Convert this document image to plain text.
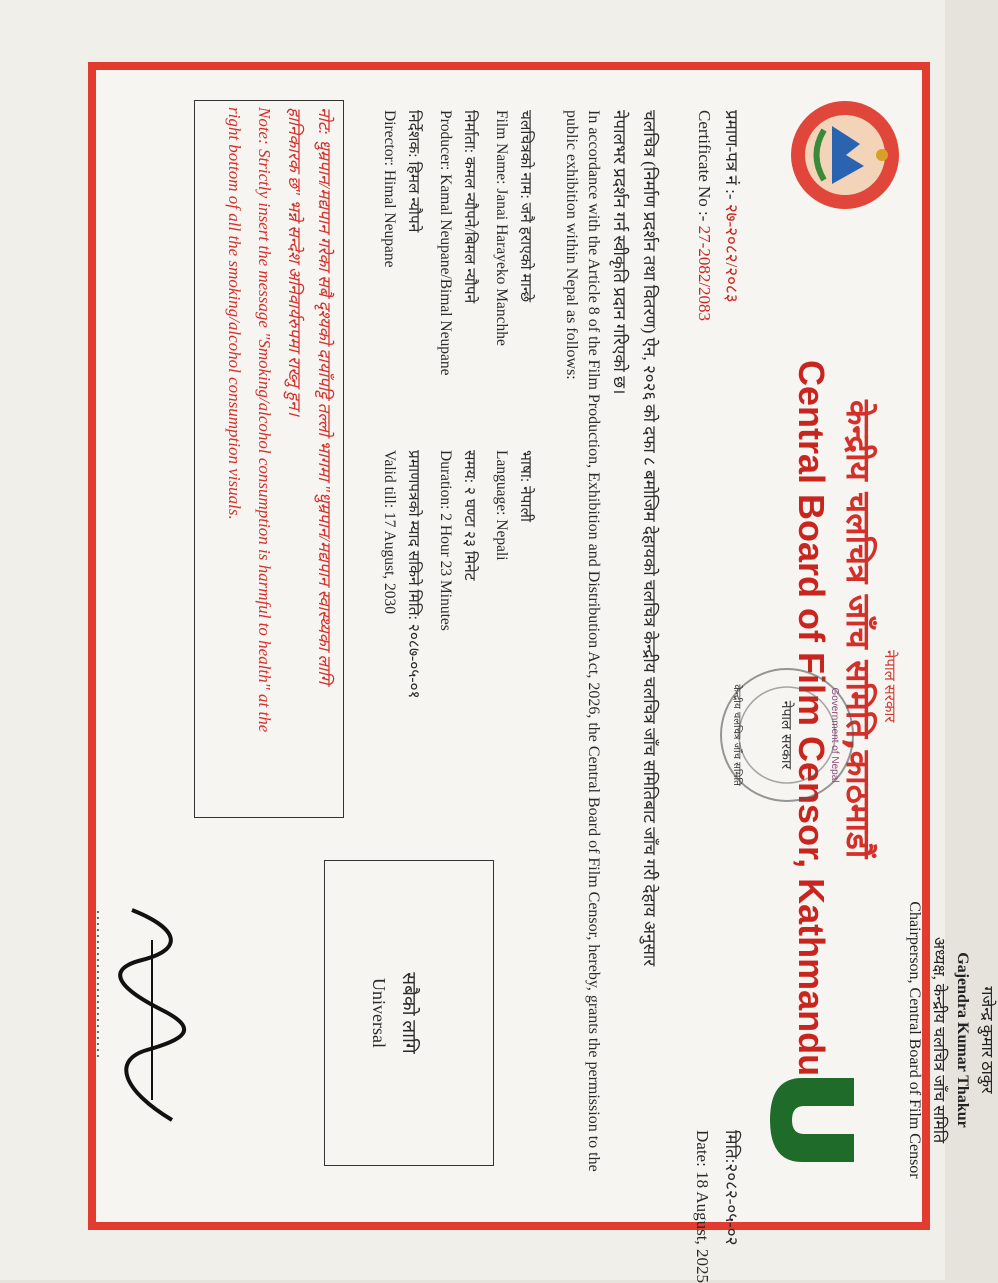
नेपाल सरकार
केन्द्रीय चलचित्र जाँच समिति,काठमाडौं
Central Board of Film Censor, Kathmandu
Government of Nepal
नेपाल सरकार
केन्द्रीय चलचित्र जाँच समिति
प्रमाण-पत्र नं :- २७-२०८२/२०८३
Certificate No :- 27-2082/2083
मिति:२०८२-०५-०२
Date: 18 August, 2025
चलचित्र (निर्माण प्रदर्शन तथा वितरण) ऐन, २०२६ को दफा ८ बमोजिम देहायको चलचित्र केन्द्रीय चलचित्र जाँच समितिबाट जाँच गरी देहाय अनुसार
नेपालभर प्रदर्शन गर्न स्वीकृति प्रदान गरिएको छ।
In accordance with the Article 8 of the Film Production, Exhibition and Distribution Act, 2026, the Central Board of Film Censor, hereby, grants the permission to the public exhibition within Nepal as follows:
चलचित्रको नाम: जनै हराएको मान्छे
Film Name: Janai Harayeko Manchhe
निर्माता: कमल न्यौपने/बिमल न्यौपने
Producer: Kamal Neupane/Bimal Neupane
निर्देशक: हिमल न्यौपने
Director: Himal Neupane
भाषा: नेपाली
Language: Nepali
समय: २ घण्टा २३ मिनेट
Duration: 2 Hour 23 Minutes
प्रमाणपत्रको म्याद सकिने मिति: २०८७-०५-०१
Valid till: 17 August, 2030
सबैको लागि
Universal
नोट: धुम्रपान/मद्यपान गरेका सबै दृश्यको दायाँपट्टि तल्लो भागमा "धुम्रपान/मद्यपान स्वास्थ्यका लागि
हानिकारक छ" भन्ने सन्देश अनिवार्यरुपमा राख्नु हुन।
Note: Strictly insert the message "Smoking/alcohol consumption is harmful to health" at the
right bottom of all the smoking/alcohol consumption visuals.
.........................	गजेन्द्र कुमार ठाकुर
Gajendra Kumar Thakur
अध्यक्ष, केन्द्रीय चलचित्र जाँच समिति
Chairperson, Central Board of Film Censor
